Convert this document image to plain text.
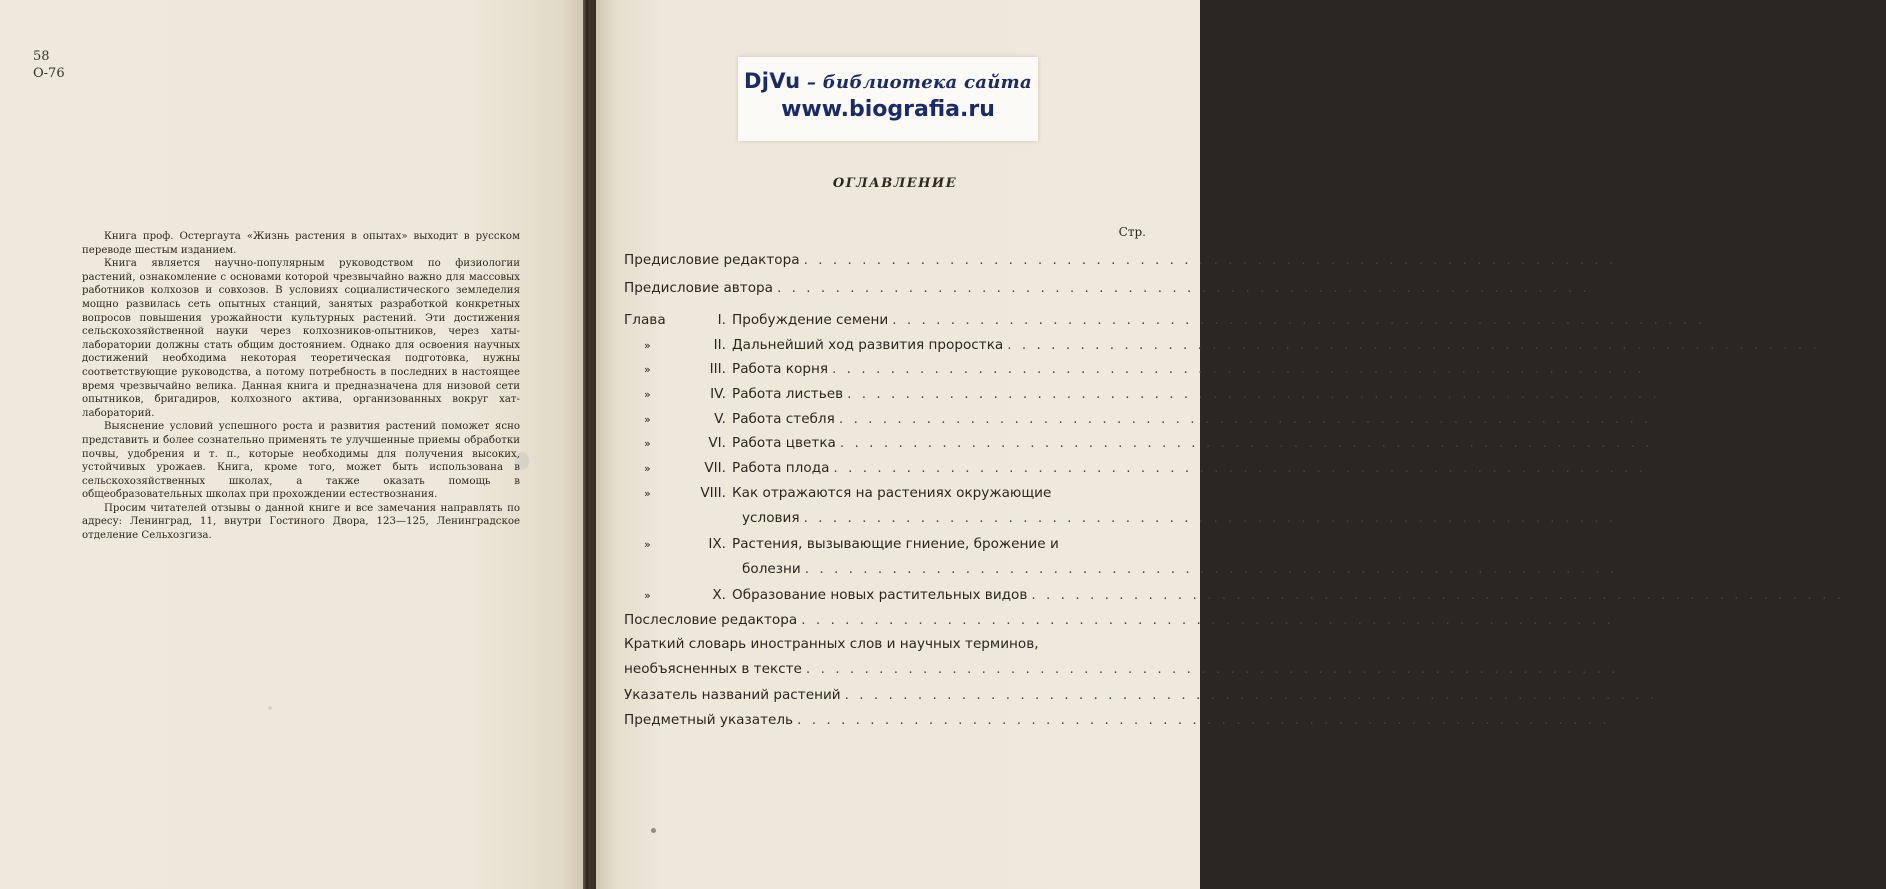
58
О-76

Книга проф. Остергаута «Жизнь растения в опытах» выходит в русском переводе шестым изданием.

Книга является научно-популярным руководством по физиологии растений, ознакомление с основами которой чрезвычайно важно для массовых работников колхозов и совхозов. В условиях социалистического земледелия мощно развилась сеть опытных станций, занятых разработкой конкретных вопросов повышения урожайности культурных растений. Эти достижения сельскохозяйственной науки через колхозников-опытников, через хаты-лаборатории должны стать общим достоянием. Однако для освоения научных достижений необходима некоторая теоретическая подготовка, нужны соответствующие руководства, а потому потребность в последних в настоящее время чрезвычайно велика. Данная книга и предназначена для низовой сети опытников, бригадиров, колхозного актива, организованных вокруг хат-лабораторий.

Выяснение условий успешного роста и развития растений поможет ясно представить и более сознательно применять те улучшенные приемы обработки почвы, удобрения и т. п., которые необходимы для получения высоких, устойчивых урожаев. Книга, кроме того, может быть использована в сельскохозяйственных школах, а также оказать помощь в общеобразовательных школах при прохождении естествознания.

Просим читателей отзывы о данной книге и все замечания направлять по адресу: Ленинград, 11, внутри Гостиного Двора, 123—125, Ленинградское отделение Сельхозгиза.

DjVu – библиотека сайта
www.biografia.ru
ОГЛАВЛЕНИЕ
Стр.
Предисловие редактора . . .	4
Предисловие автора . . .	7
Глава	I. Пробуждение семени . . .	9
»	II. Дальнейший ход развития проростка . . .	55
»	III. Работа корня . . .	67
»	IV. Работа листьев . . .	113
»	V. Работа стебля . . .	153
»	VI. Работа цветка . . .	193
»	VII. Работа плода . . .	211
»	VIII. Как отражаются на растениях окружающие
условия . . .	221
»	IX. Растения, вызывающие гниение, брожение и
болезни . . .	251
»	X. Образование новых растительных видов . . .	282
Послесловие редактора . . .	309
Краткий словарь иностранных слов и научных терминов,
необъясненных в тексте . . .	311
Указатель названий растений . . .	318
Предметный указатель . . .	319
